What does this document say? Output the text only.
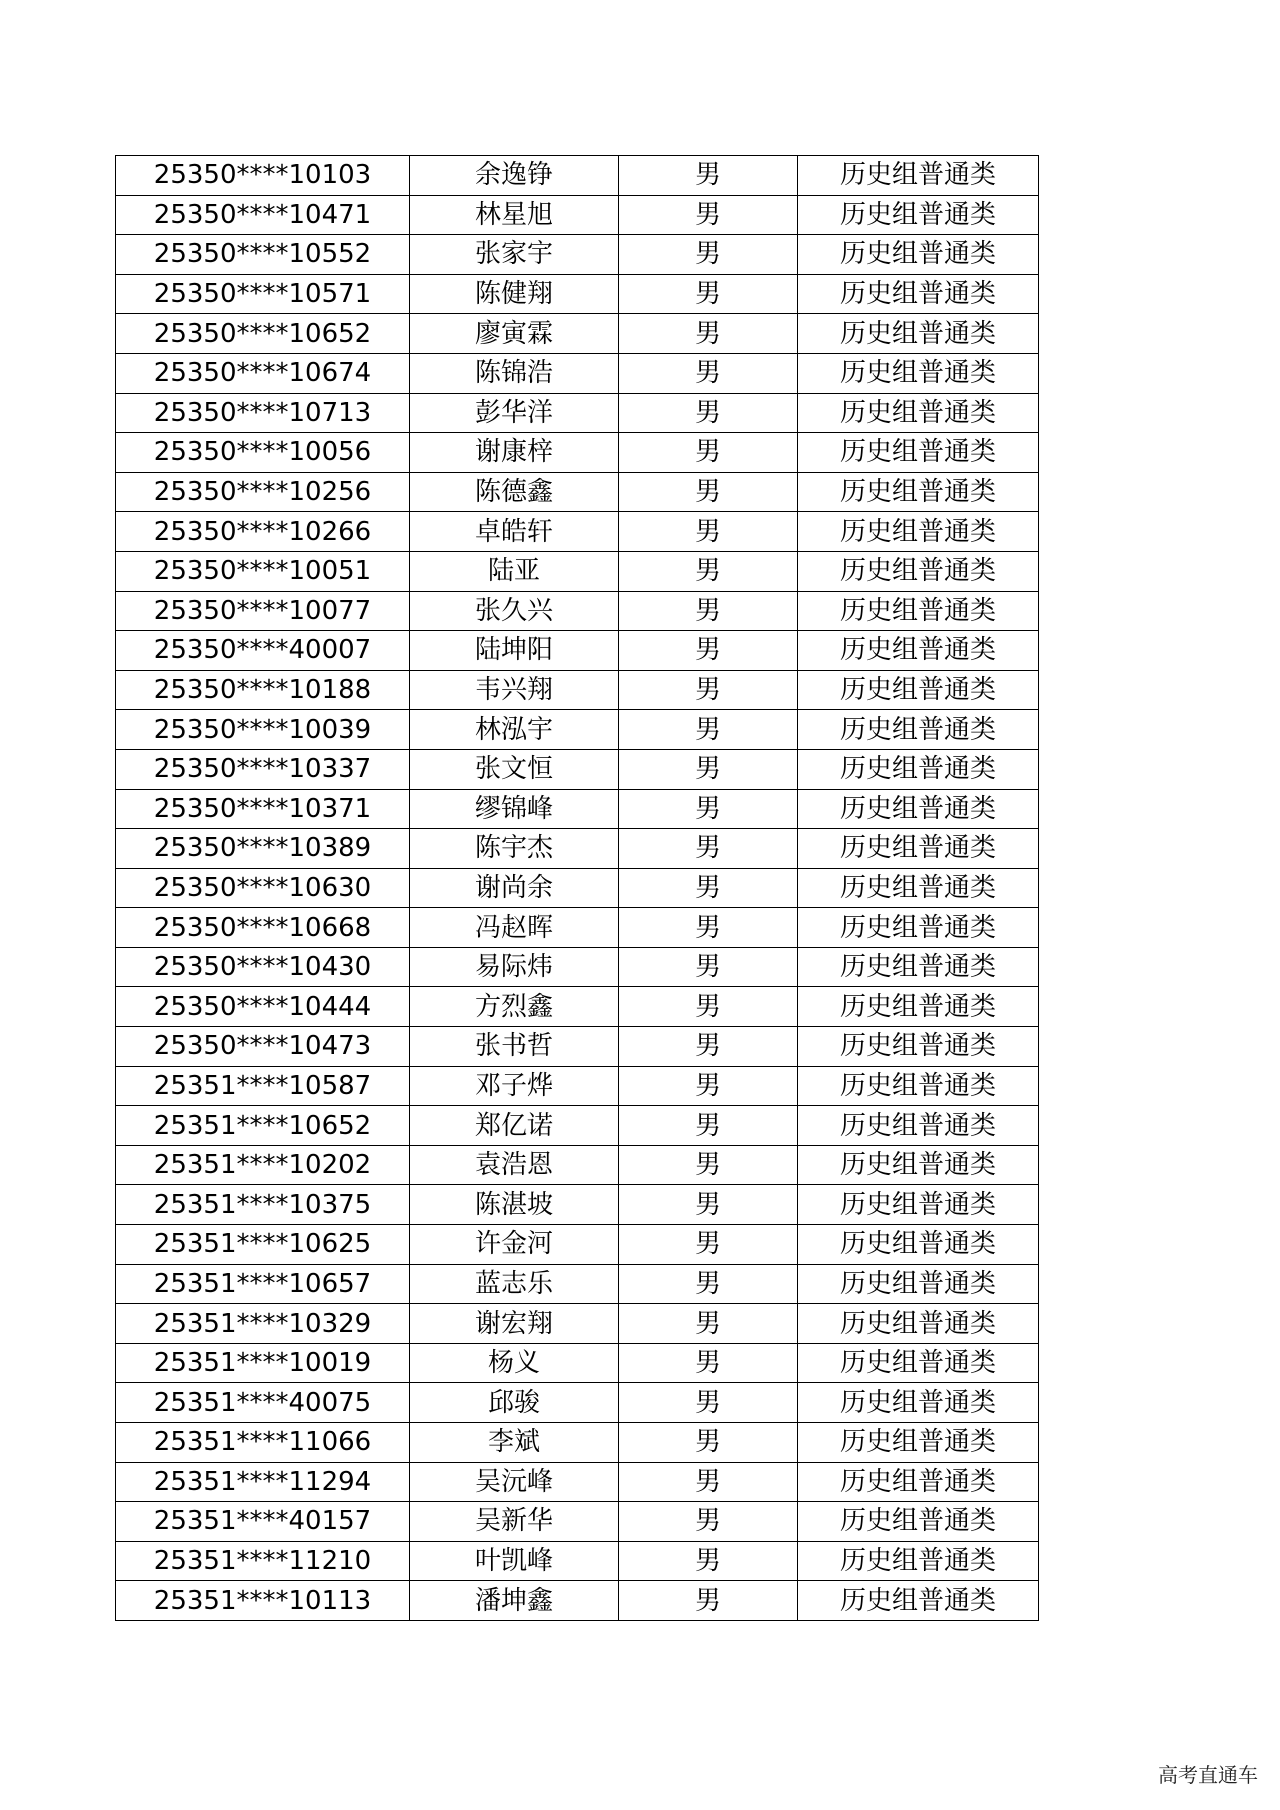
25350****10103	余逸铮	男	历史组普通类
25350****10471	林星旭	男	历史组普通类
25350****10552	张家宇	男	历史组普通类
25350****10571	陈健翔	男	历史组普通类
25350****10652	廖寅霖	男	历史组普通类
25350****10674	陈锦浩	男	历史组普通类
25350****10713	彭华洋	男	历史组普通类
25350****10056	谢康梓	男	历史组普通类
25350****10256	陈德鑫	男	历史组普通类
25350****10266	卓皓轩	男	历史组普通类
25350****10051	陆亚	男	历史组普通类
25350****10077	张久兴	男	历史组普通类
25350****40007	陆坤阳	男	历史组普通类
25350****10188	韦兴翔	男	历史组普通类
25350****10039	林泓宇	男	历史组普通类
25350****10337	张文恒	男	历史组普通类
25350****10371	缪锦峰	男	历史组普通类
25350****10389	陈宇杰	男	历史组普通类
25350****10630	谢尚余	男	历史组普通类
25350****10668	冯赵晖	男	历史组普通类
25350****10430	易际炜	男	历史组普通类
25350****10444	方烈鑫	男	历史组普通类
25350****10473	张书哲	男	历史组普通类
25351****10587	邓子烨	男	历史组普通类
25351****10652	郑亿诺	男	历史组普通类
25351****10202	袁浩恩	男	历史组普通类
25351****10375	陈湛坡	男	历史组普通类
25351****10625	许金河	男	历史组普通类
25351****10657	蓝志乐	男	历史组普通类
25351****10329	谢宏翔	男	历史组普通类
25351****10019	杨义	男	历史组普通类
25351****40075	邱骏	男	历史组普通类
25351****11066	李斌	男	历史组普通类
25351****11294	吴沅峰	男	历史组普通类
25351****40157	吴新华	男	历史组普通类
25351****11210	叶凯峰	男	历史组普通类
25351****10113	潘坤鑫	男	历史组普通类
高考直通车
